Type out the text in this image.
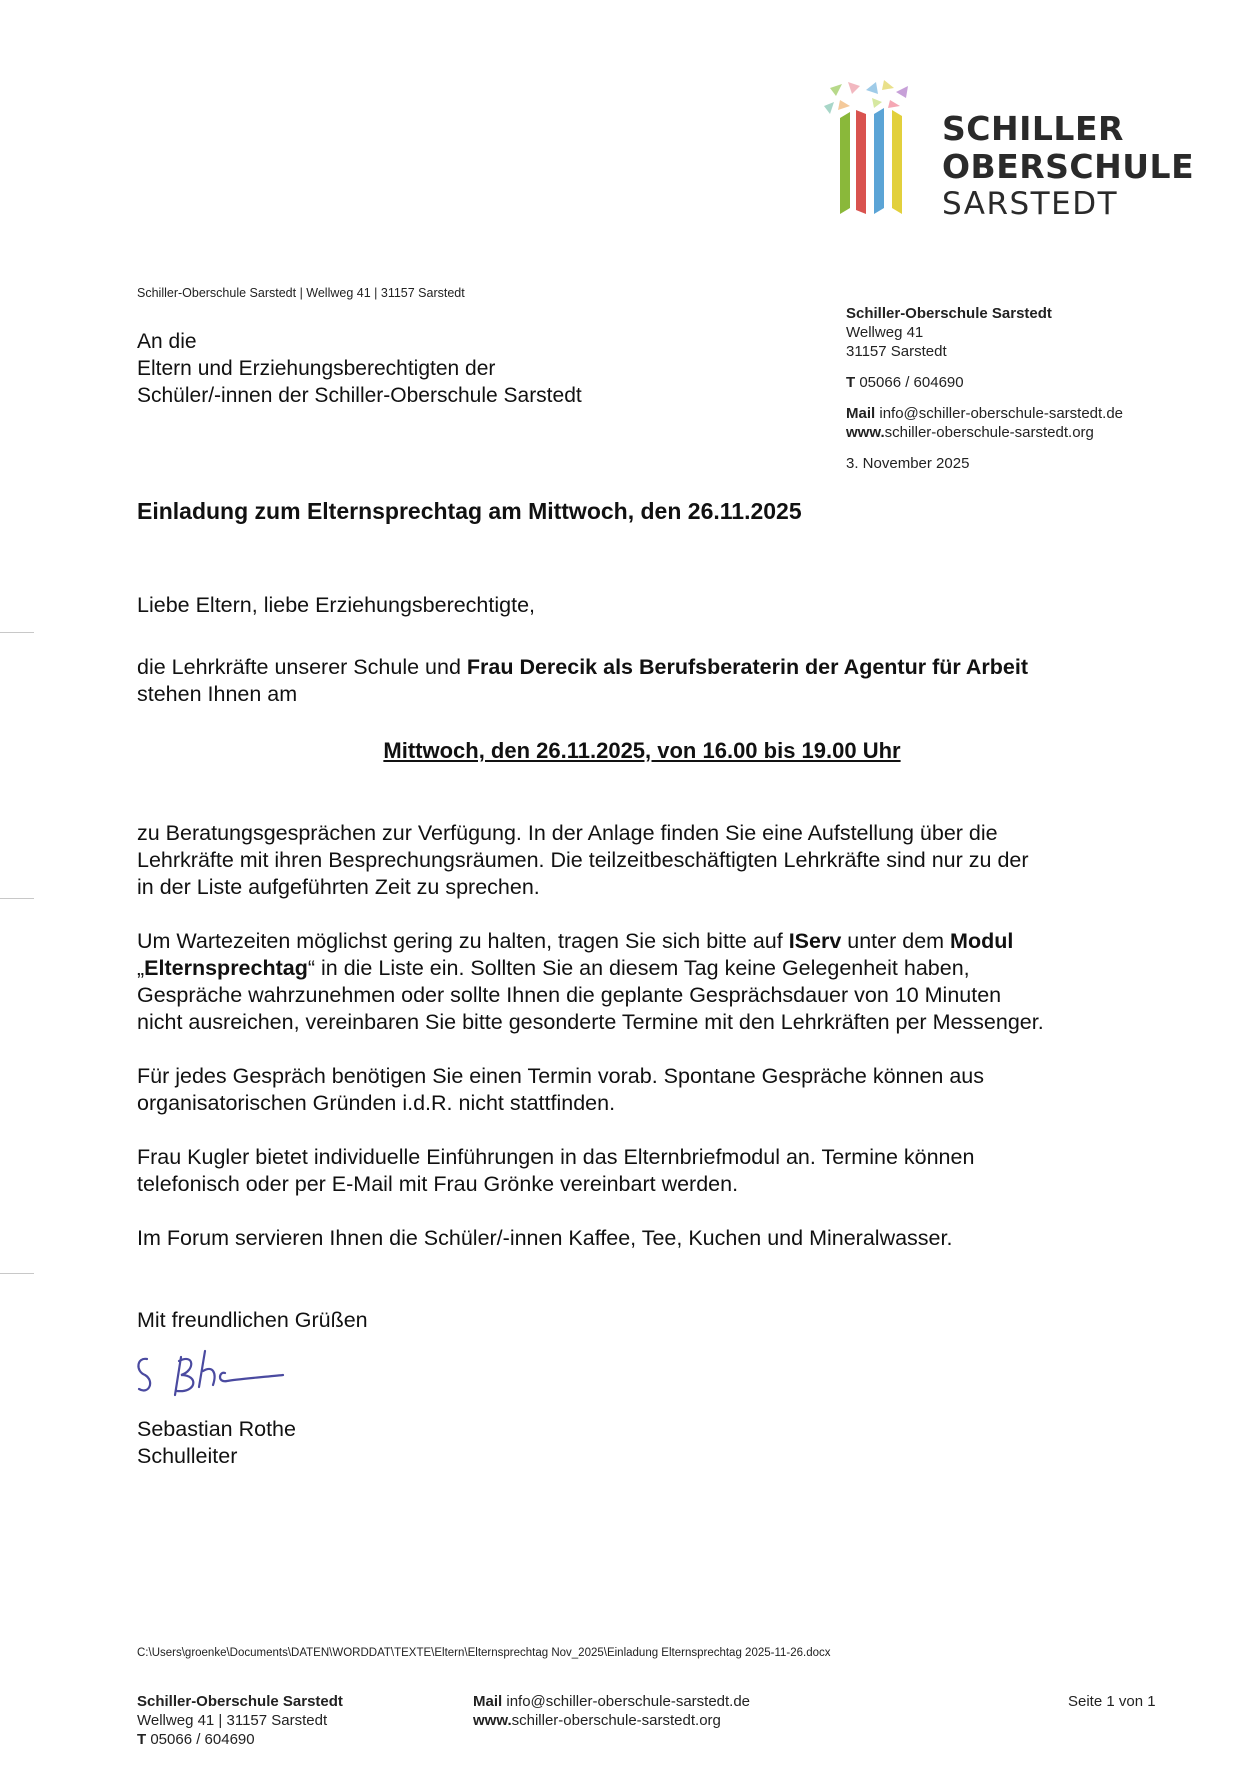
SCHILLER
OBERSCHULE
SARSTEDT
Schiller-Oberschule Sarstedt | Wellweg 41 | 31157 Sarstedt
An die
Eltern und Erziehungsberechtigten der
Schüler/-innen der Schiller-Oberschule Sarstedt
Schiller-Oberschule Sarstedt
Wellweg 41
31157 Sarstedt
T 05066 / 604690
Mail info@schiller-oberschule-sarstedt.de
www.schiller-oberschule-sarstedt.org
3. November 2025
Einladung zum Elternsprechtag am Mittwoch, den 26.11.2025
Liebe Eltern, liebe Erziehungsberechtigte,
die Lehrkräfte unserer Schule und Frau Derecik als Berufsberaterin der Agentur für Arbeit
stehen Ihnen am
Mittwoch, den 26.11.2025, von 16.00 bis 19.00 Uhr
zu Beratungsgesprächen zur Verfügung. In der Anlage finden Sie eine Aufstellung über die
Lehrkräfte mit ihren Besprechungsräumen. Die teilzeitbeschäftigten Lehrkräfte sind nur zu der
in der Liste aufgeführten Zeit zu sprechen.
Um Wartezeiten möglichst gering zu halten, tragen Sie sich bitte auf IServ unter dem Modul
„Elternsprechtag“ in die Liste ein. Sollten Sie an diesem Tag keine Gelegenheit haben,
Gespräche wahrzunehmen oder sollte Ihnen die geplante Gesprächsdauer von 10 Minuten
nicht ausreichen, vereinbaren Sie bitte gesonderte Termine mit den Lehrkräften per Messenger.
Für jedes Gespräch benötigen Sie einen Termin vorab. Spontane Gespräche können aus
organisatorischen Gründen i.d.R. nicht stattfinden.
Frau Kugler bietet individuelle Einführungen in das Elternbriefmodul an. Termine können
telefonisch oder per E-Mail mit Frau Grönke vereinbart werden.
Im Forum servieren Ihnen die Schüler/-innen Kaffee, Tee, Kuchen und Mineralwasser.
Mit freundlichen Grüßen
Sebastian Rothe
Schulleiter
C:\Users\groenke\Documents\DATEN\WORDDAT\TEXTE\Eltern\Elternsprechtag Nov_2025\Einladung Elternsprechtag 2025-11-26.docx
Schiller-Oberschule Sarstedt
Wellweg 41 | 31157 Sarstedt
T 05066 / 604690
Mail info@schiller-oberschule-sarstedt.de
www.schiller-oberschule-sarstedt.org
Seite 1 von 1
